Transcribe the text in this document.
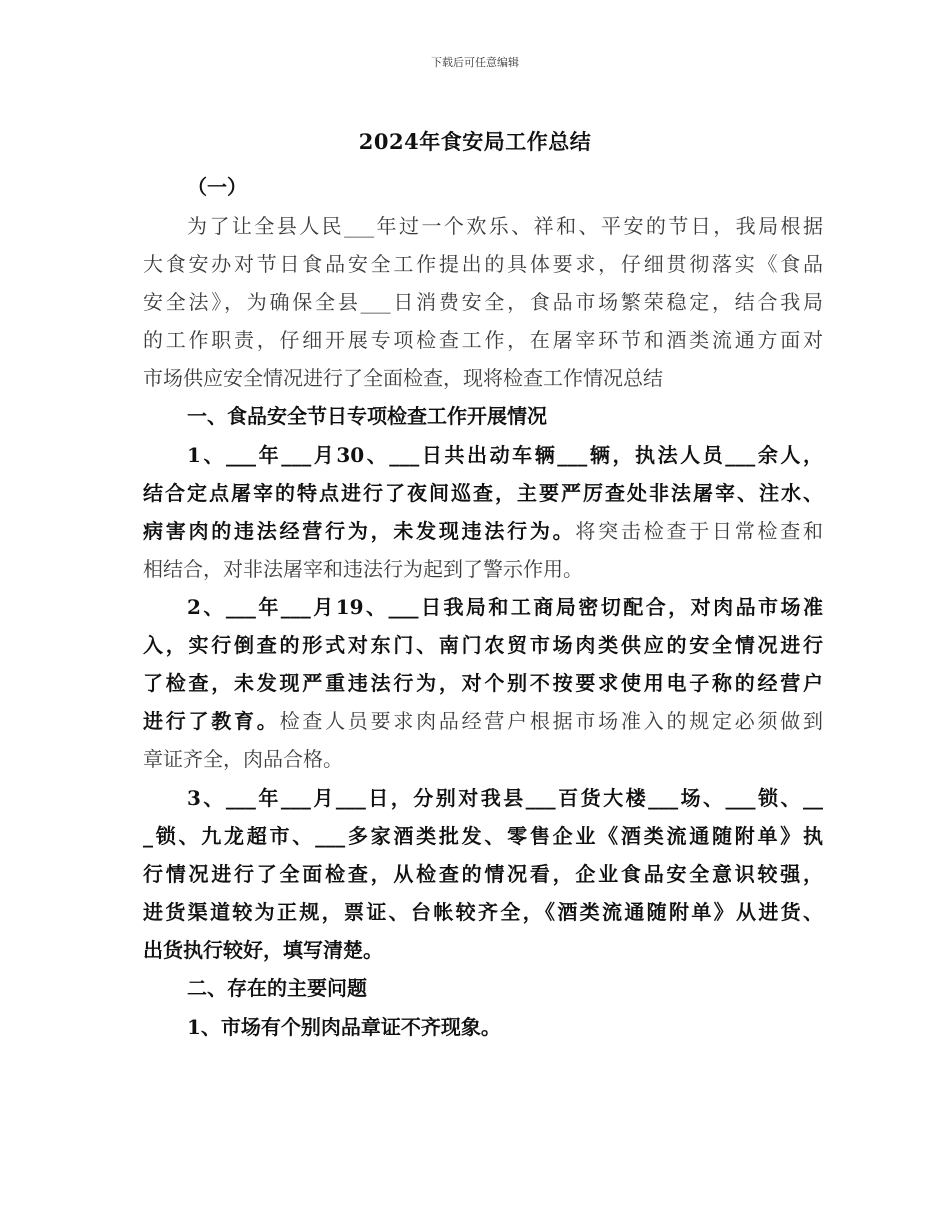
下载后可任意编辑
2024年食安局工作总结
（一）
为了让全县人民___年过一个欢乐、祥和、平安的节日，我局根据
大食安办对节日食品安全工作提出的具体要求，仔细贯彻落实《食品
安全法》，为确保全县___日消费安全，食品市场繁荣稳定，结合我局
的工作职责，仔细开展专项检查工作，在屠宰环节和酒类流通方面对
市场供应安全情况进行了全面检查，现将检查工作情况总结
一、食品安全节日专项检查工作开展情况
1、___年___月30、___日共出动车辆___辆，执法人员___余人，
结合定点屠宰的特点进行了夜间巡查，主要严厉查处非法屠宰、注水、
病害肉的违法经营行为，未发现违法行为。将突击检查于日常检查和
相结合，对非法屠宰和违法行为起到了警示作用。
2、___年___月19、___日我局和工商局密切配合，对肉品市场准
入，实行倒查的形式对东门、南门农贸市场肉类供应的安全情况进行
了检查，未发现严重违法行为，对个别不按要求使用电子称的经营户
进行了教育。检查人员要求肉品经营户根据市场准入的规定必须做到
章证齐全，肉品合格。
3、___年___月___日，分别对我县___百货大楼___场、___锁、__
_锁、九龙超市、___多家酒类批发、零售企业《酒类流通随附单》执
行情况进行了全面检查，从检查的情况看，企业食品安全意识较强，
进货渠道较为正规，票证、台帐较齐全，《酒类流通随附单》从进货、
出货执行较好，填写清楚。
二、存在的主要问题
1、市场有个别肉品章证不齐现象。
